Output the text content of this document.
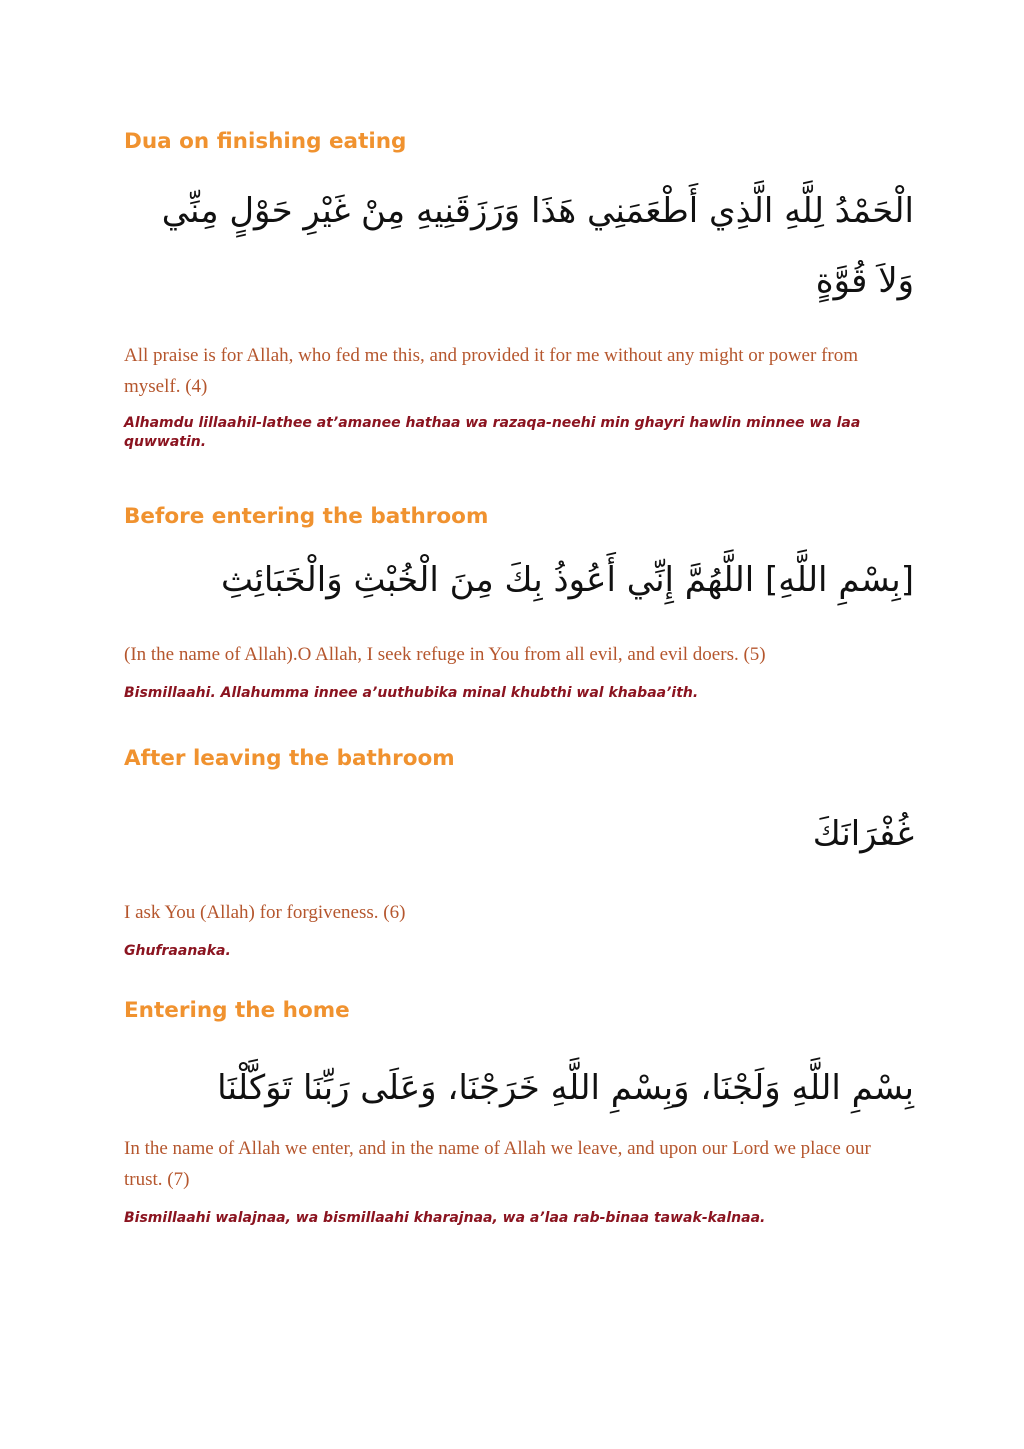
Dua on finishing eating

الْحَمْدُ لِلَّهِ الَّذِي أَطْعَمَنِي هَذَا وَرَزَقَنِيهِ مِنْ غَيْرِ حَوْلٍ مِنِّي وَلاَ قُوَّةٍ

All praise is for Allah, who fed me this, and provided it for me without any might or power from myself. (4)

Alhamdu lillaahil-lathee at’amanee hathaa wa razaqa-neehi min ghayri hawlin minnee wa laa quwwatin.

Before entering the bathroom

[بِسْمِ اللَّهِ] اللَّهُمَّ إِنِّي أَعُوذُ بِكَ مِنَ الْخُبْثِ وَالْخَبَائِثِ

(In the name of Allah).O Allah, I seek refuge in You from all evil, and evil doers. (5)

Bismillaahi. Allahumma innee a’uuthubika minal khubthi wal khabaa’ith.

After leaving the bathroom

غُفْرَانَكَ

I ask You (Allah) for forgiveness. (6)

Ghufraanaka.

Entering the home

بِسْمِ اللَّهِ وَلَجْنَا، وَبِسْمِ اللَّهِ خَرَجْنَا، وَعَلَى رَبِّنَا تَوَكَّلْنَا

In the name of Allah we enter, and in the name of Allah we leave, and upon our Lord we place our trust. (7)

Bismillaahi walajnaa, wa bismillaahi kharajnaa, wa a’laa rab-binaa tawak-kalnaa.
